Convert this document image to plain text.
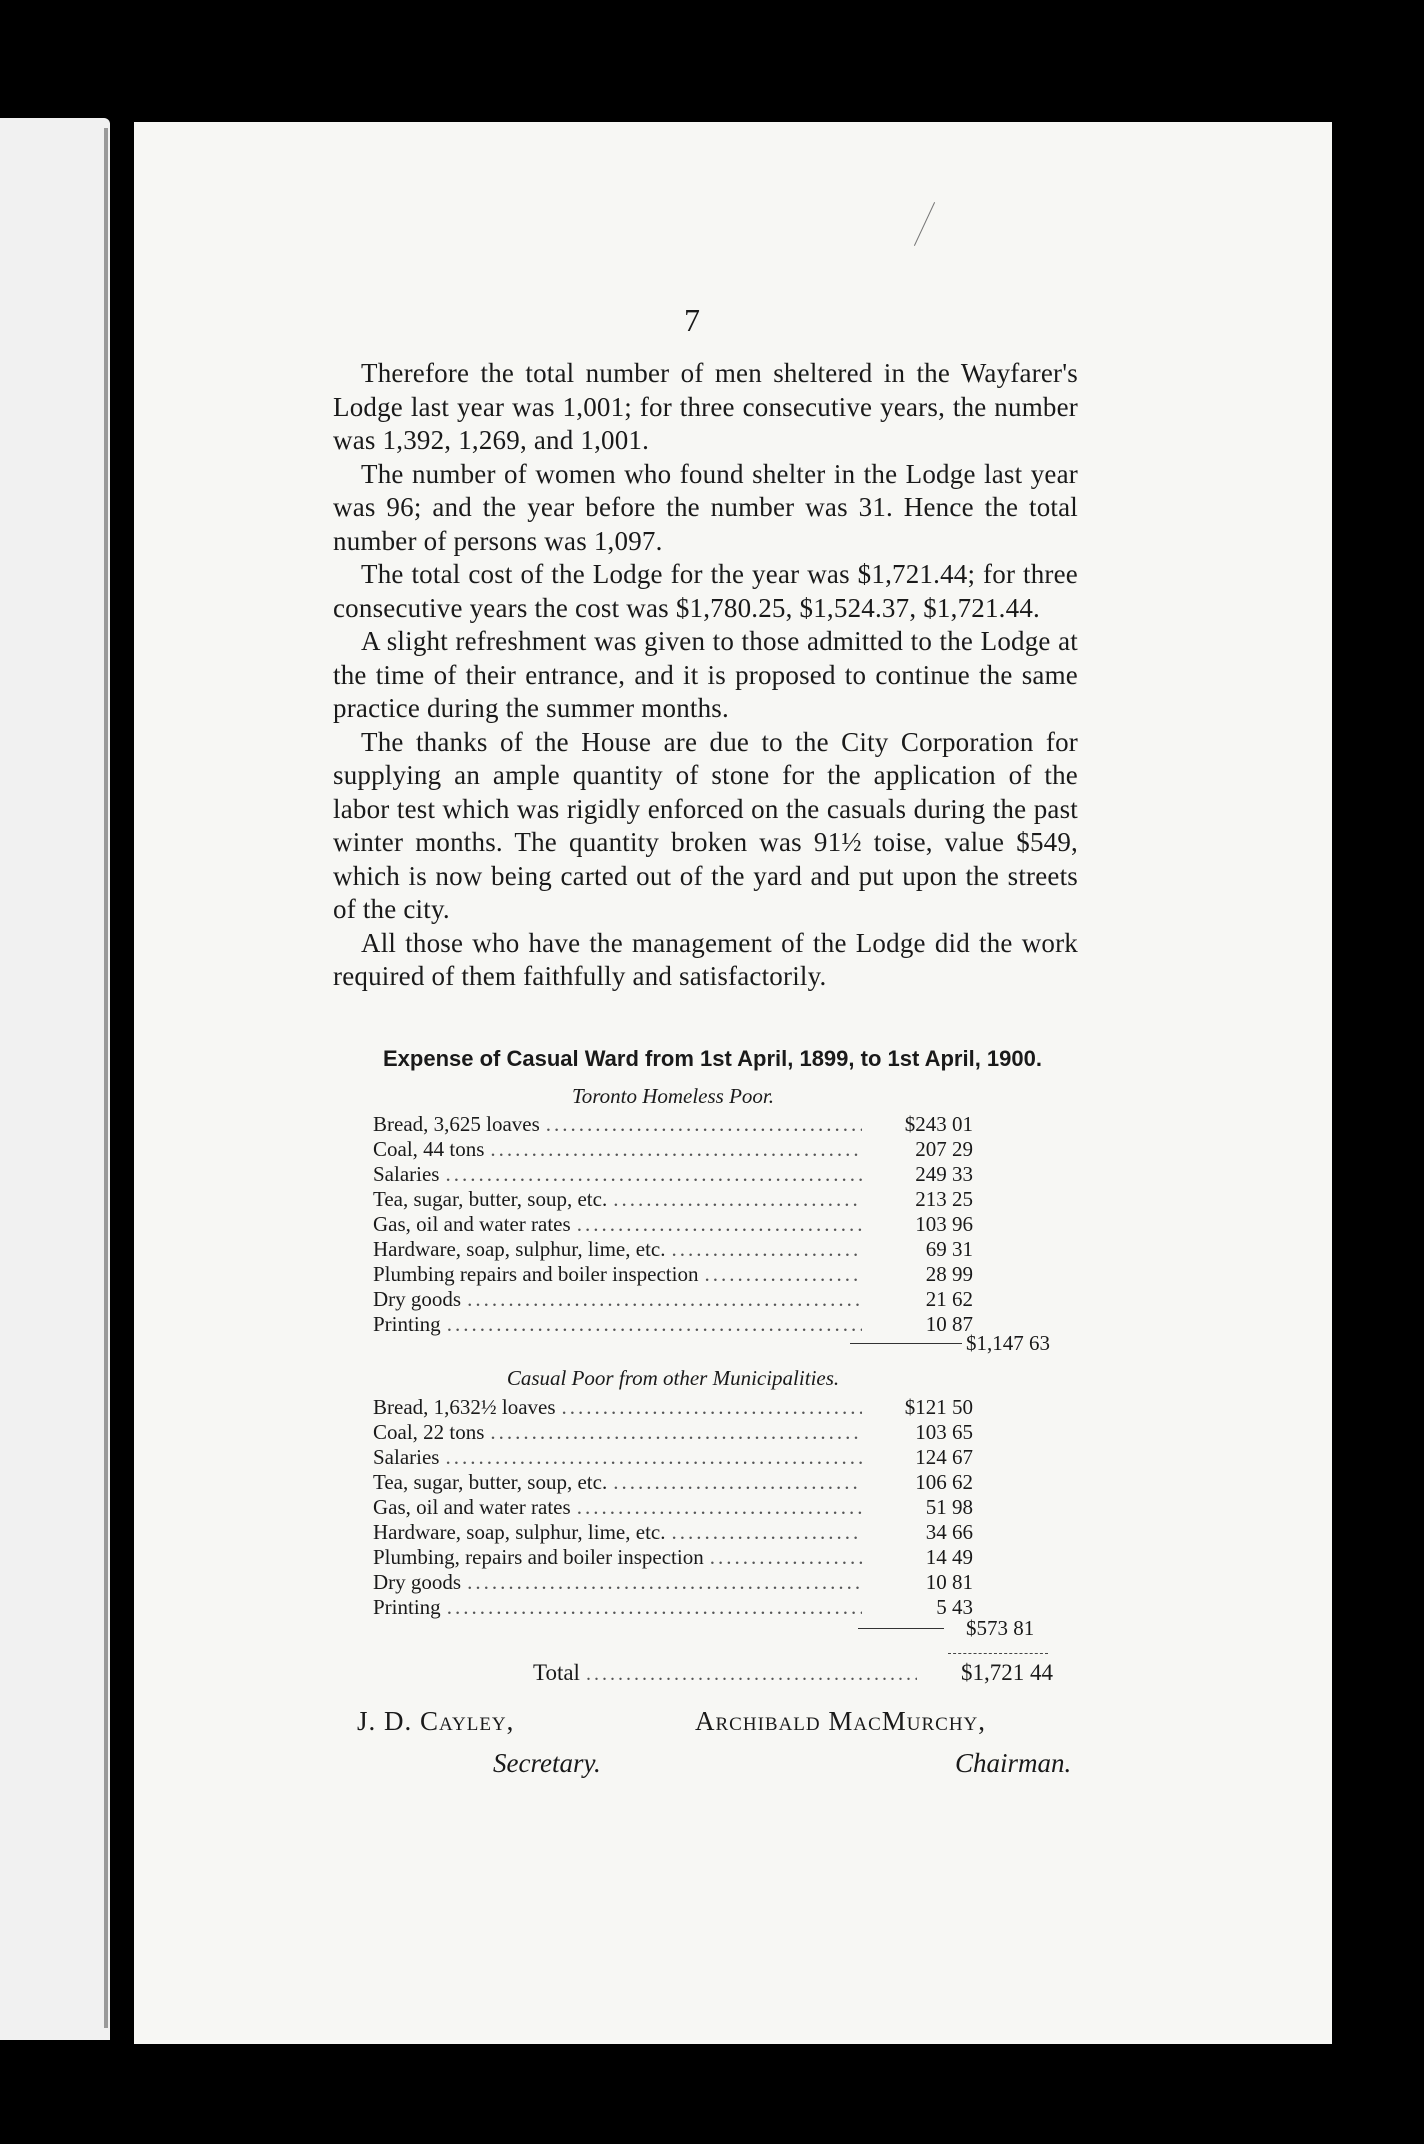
7

Therefore the total number of men sheltered in the Wayfarer's Lodge last year was 1,001; for three consecutive years, the number was 1,392, 1,269, and 1,001.

The number of women who found shelter in the Lodge last year was 96; and the year before the number was 31. Hence the total number of persons was 1,097.

The total cost of the Lodge for the year was $1,721.44; for three consecutive years the cost was $1,780.25, $1,524.37, $1,721.44.

A slight refreshment was given to those admitted to the Lodge at the time of their entrance, and it is proposed to continue the same practice during the summer months.

The thanks of the House are due to the City Corporation for supplying an ample quantity of stone for the application of the labor test which was rigidly enforced on the casuals during the past winter months. The quantity broken was 91½ toise, value $549, which is now being carted out of the yard and put upon the streets of the city.

All those who have the management of the Lodge did the work required of them faithfully and satisfactorily.

Expense of Casual Ward from 1st April, 1899, to 1st April, 1900.
Toronto Homeless Poor.
Bread, 3,625 loaves .....	$243 01
Coal, 44 tons .....	207 29
Salaries .....	249 33
Tea, sugar, butter, soup, etc. .....	213 25
Gas, oil and water rates .....	103 96
Hardware, soap, sulphur, lime, etc. .....	69 31
Plumbing repairs and boiler inspection .....	28 99
Dry goods .....	21 62
Printing .....	10 87
$1,147 63
Casual Poor from other Municipalities.
Bread, 1,632½ loaves .....	$121 50
Coal, 22 tons .....	103 65
Salaries .....	124 67
Tea, sugar, butter, soup, etc. .....	106 62
Gas, oil and water rates .....	51 98
Hardware, soap, sulphur, lime, etc. .....	34 66
Plumbing, repairs and boiler inspection .....	14 49
Dry goods .....	10 81
Printing .....	5 43
$573 81
Total .....	$1,721 44
J. D. Cayley,
Secretary.
Archibald MacMurchy,
Chairman.
